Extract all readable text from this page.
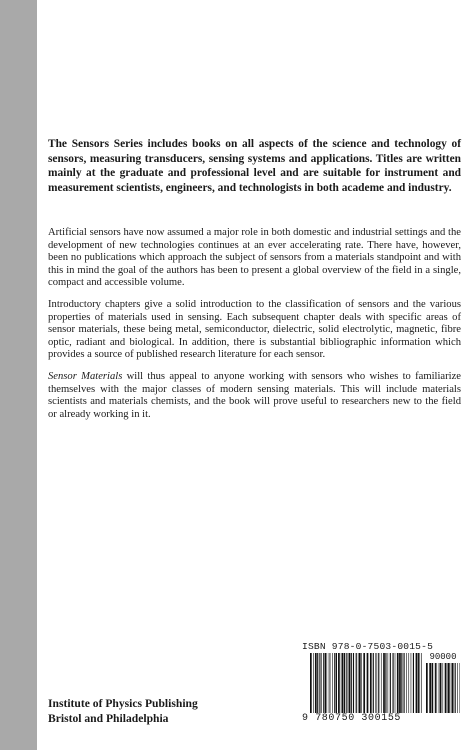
The Sensors Series includes books on all aspects of the science and technology of sensors, measuring transducers, sensing systems and applications. Titles are written mainly at the graduate and professional level and are suitable for instrument and measurement scientists, engineers, and technologists in both academe and industry.

Artificial sensors have now assumed a major role in both domestic and industrial settings and the development of new technologies continues at an ever accelerating rate. There have, however, been no publications which approach the subject of sensors from a materials standpoint and with this in mind the goal of the authors has been to present a global overview of the field in a single, compact and accessible volume.

Introductory chapters give a solid introduction to the classification of sensors and the various properties of materials used in sensing. Each subsequent chapter deals with specific areas of sensor materials, these being metal, semiconductor, dielectric, solid electrolytic, magnetic, fibre optic, radiant and biological. In addition, there is substantial bibliographic information which provides a source of published research literature for each sensor.

Sensor Materials will thus appeal to anyone working with sensors who wishes to familiarize themselves with the major classes of modern sensing materials. This will include materials scientists and materials chemists, and the book will prove useful to researchers new to the field or already working in it.

Institute of Physics Publishing
Bristol and Philadelphia
ISBN 978-0-7503-0015-5
90000
9 780750 300155
